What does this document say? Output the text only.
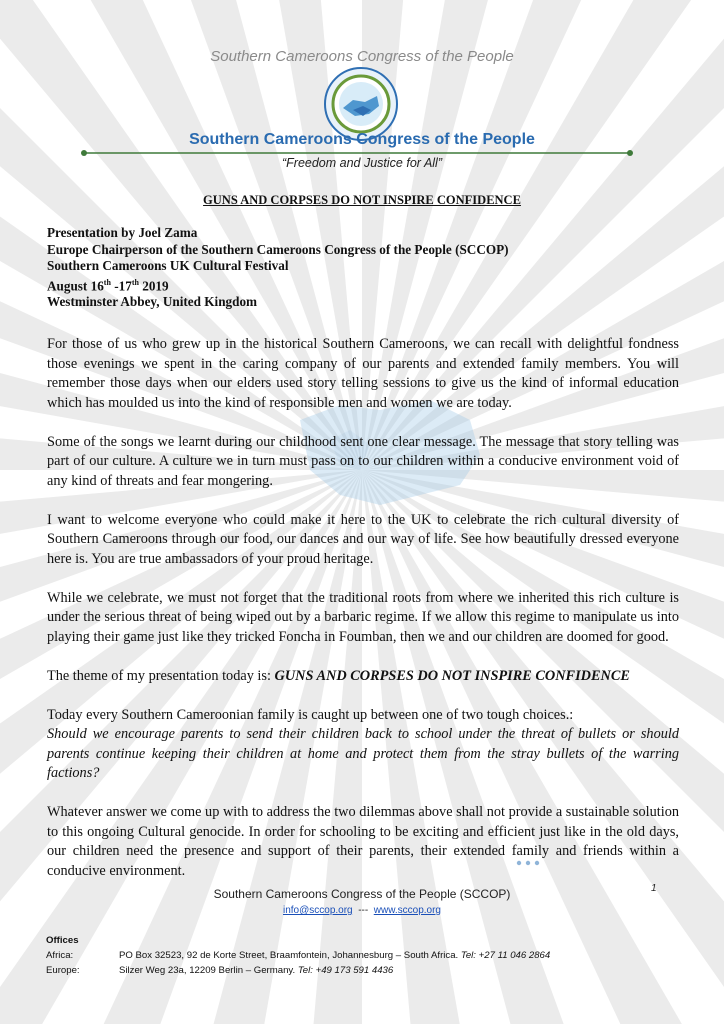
Southern Cameroons Congress of the People
Southern Cameroons Congress of the People
“Freedom and Justice for All”
GUNS AND CORPSES DO NOT INSPIRE CONFIDENCE
Presentation by Joel Zama
Europe Chairperson of the Southern Cameroons Congress of the People (SCCOP)
Southern Cameroons UK Cultural Festival
August 16th -17th 2019
Westminster Abbey, United Kingdom

For those of us who grew up in the historical Southern Cameroons, we can recall with delightful fondness those evenings we spent in the caring company of our parents and extended family members. You will remember those days when our elders used story telling sessions to give us the kind of informal education which has moulded us into the kind of responsible men and women we are today.

Some of the songs we learnt during our childhood sent one clear message. The message that story telling was part of our culture. A culture we in turn must pass on to our children within a conducive environment void of any kind of threats and fear mongering.

I want to welcome everyone who could make it here to the UK to celebrate the rich cultural diversity of Southern Cameroons through our food, our dances and our way of life. See how beautifully dressed everyone here is. You are true ambassadors of your proud heritage.

While we celebrate, we must not forget that the traditional roots from where we inherited this rich culture is under the serious threat of being wiped out by a barbaric regime. If we allow this regime to manipulate us into playing their game just like they tricked Foncha in Foumban, then we and our children are doomed for good.

The theme of my presentation today is: GUNS AND CORPSES DO NOT INSPIRE CONFIDENCE

Today every Southern Cameroonian family is caught up between one of two tough choices.:
Should we encourage parents to send their children back to school under the threat of bullets or should parents continue keeping their children at home and protect them from the stray bullets of the warring factions?

Whatever answer we come up with to address the two dilemmas above shall not provide a sustainable solution to this ongoing Cultural genocide. In order for schooling to be exciting and efficient just like in the old days, our children need the presence and support of their parents, their extended family and friends within a conducive environment.

Southern Cameroons Congress of the People (SCCOP)	1
info@sccop.org --- www.sccop.org
Offices
Africa:	PO Box 32523, 92 de Korte Street, Braamfontein, Johannesburg – South Africa. Tel: +27 11 046 2864
Europe:	Silzer Weg 23a, 12209 Berlin – Germany. Tel: +49 173 591 4436
